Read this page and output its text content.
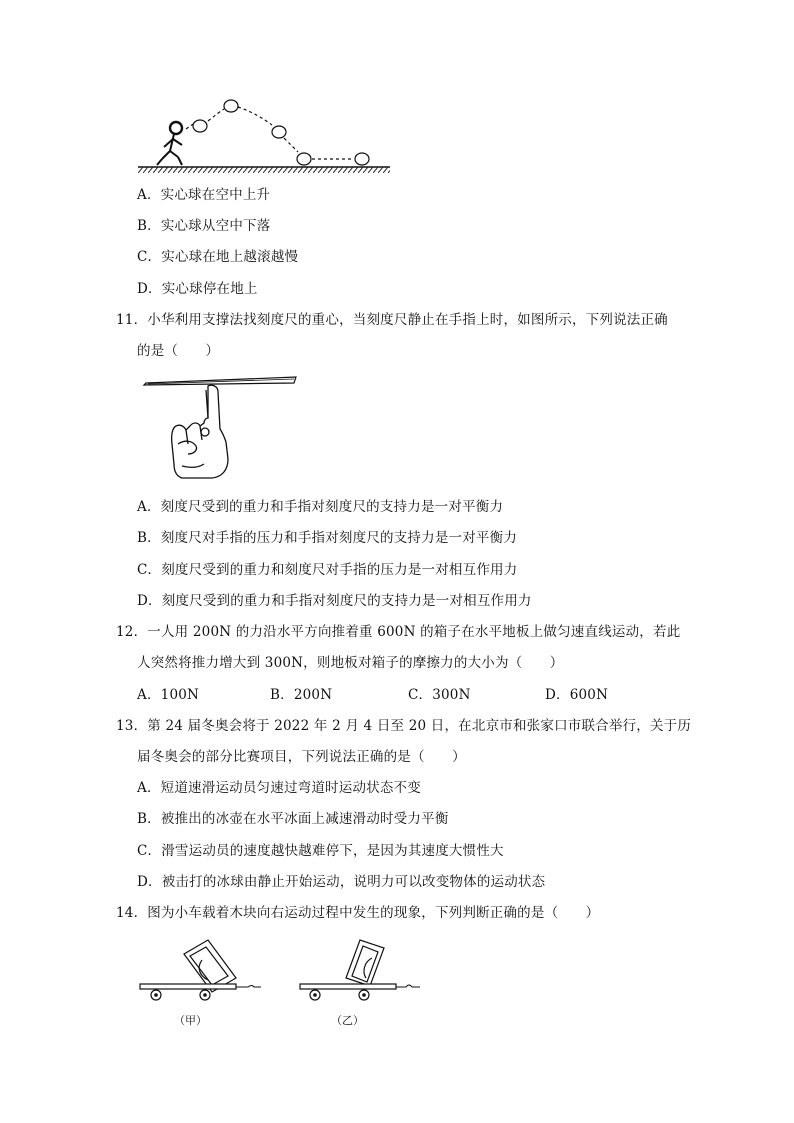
A．实心球在空中上升
B．实心球从空中下落
C．实心球在地上越滚越慢
D．实心球停在地上
11．小华利用支撑法找刻度尺的重心，当刻度尺静止在手指上时，如图所示，下列说法正确
的是（　　）
A．刻度尺受到的重力和手指对刻度尺的支持力是一对平衡力
B．刻度尺对手指的压力和手指对刻度尺的支持力是一对平衡力
C．刻度尺受到的重力和刻度尺对手指的压力是一对相互作用力
D．刻度尺受到的重力和手指对刻度尺的支持力是一对相互作用力
12．一人用 200N 的力沿水平方向推着重 600N 的箱子在水平地板上做匀速直线运动，若此
人突然将推力增大到 300N，则地板对箱子的摩擦力的大小为（　　）
A．100N	B．200N	C．300N	D．600N
13．第 24 届冬奥会将于 2022 年 2 月 4 日至 20 日，在北京市和张家口市联合举行，关于历
届冬奥会的部分比赛项目，下列说法正确的是（　　）
A．短道速滑运动员匀速过弯道时运动状态不变
B．被推出的冰壶在水平冰面上减速滑动时受力平衡
C．滑雪运动员的速度越快越难停下，是因为其速度大惯性大
D．被击打的冰球由静止开始运动，说明力可以改变物体的运动状态
14．图为小车载着木块向右运动过程中发生的现象，下列判断正确的是（　　）
（甲）	（乙）
